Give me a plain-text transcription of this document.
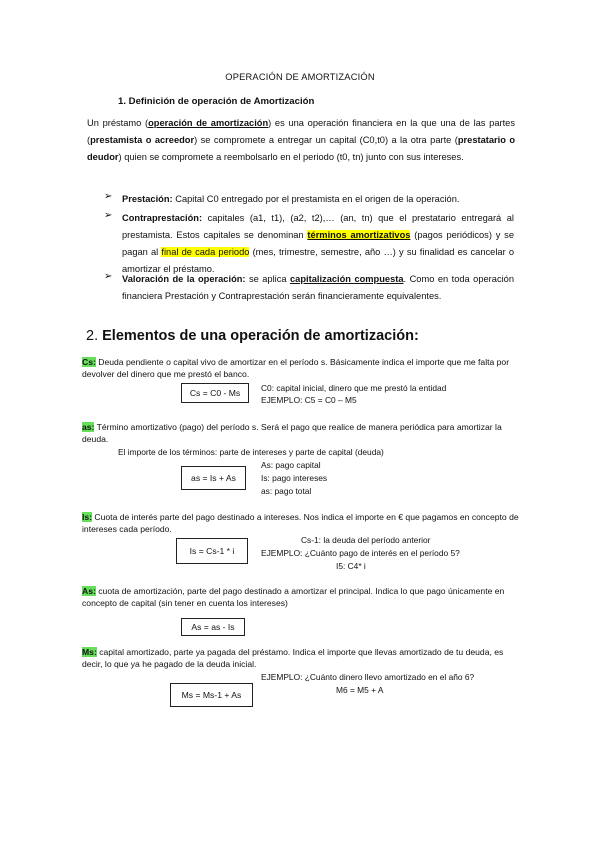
OPERACIÓN DE AMORTIZACIÓN
1. Definición de operación de Amortización
Un préstamo (operación de amortización) es una operación financiera en la que una de las partes (prestamista o acreedor) se compromete a entregar un capital (C0,t0) a la otra parte (prestatario o deudor) quien se compromete a reembolsarlo en el periodo (t0, tn) junto con sus intereses.
➢ Prestación: Capital C0 entregado por el prestamista en el origen de la operación.
➢ Contraprestación: capitales (a1, t1), (a2, t2),… (an, tn) que el prestatario entregará al prestamista. Estos capitales se denominan términos amortizativos (pagos periódicos) y se pagan al final de cada periodo (mes, trimestre, semestre, año …) y su finalidad es cancelar o amortizar el préstamo.
➢ Valoración de la operación: se aplica capitalización compuesta. Como en toda operación financiera Prestación y Contraprestación serán financieramente equivalentes.
2. Elementos de una operación de amortización:
Cs: Deuda pendiente o capital vivo de amortizar en el período s. Básicamente indica el importe que me falta por devolver del dinero que me prestó el banco.
Cs = C0 - Ms	C0: capital inicial, dinero que me prestó la entidad
EJEMPLO: C5 = C0 – M5
as: Término amortizativo (pago) del período s. Será el pago que realice de manera periódica para amortizar la deuda.
El importe de los términos: parte de intereses y parte de capital (deuda)
as = Is + As
As: pago capital
Is: pago intereses
as: pago total
Is: Cuota de interés parte del pago destinado a intereses. Nos indica el importe en € que pagamos en concepto de intereses cada período.
Is = Cs-1 * i
Cs-1: la deuda del período anterior
EJEMPLO: ¿Cuánto pago de interés en el período 5?
I5: C4* i
As: cuota de amortización, parte del pago destinado a amortizar el principal. Indica lo que pago únicamente en concepto de capital (sin tener en cuenta los intereses)
As = as - Is
Ms: capital amortizado, parte ya pagada del préstamo. Indica el importe que llevas amortizado de tu deuda, es decir, lo que ya he pagado de la deuda inicial.
EJEMPLO: ¿Cuánto dinero llevo amortizado en el año 6?
M6 = M5 + A
Ms = Ms-1 + As
